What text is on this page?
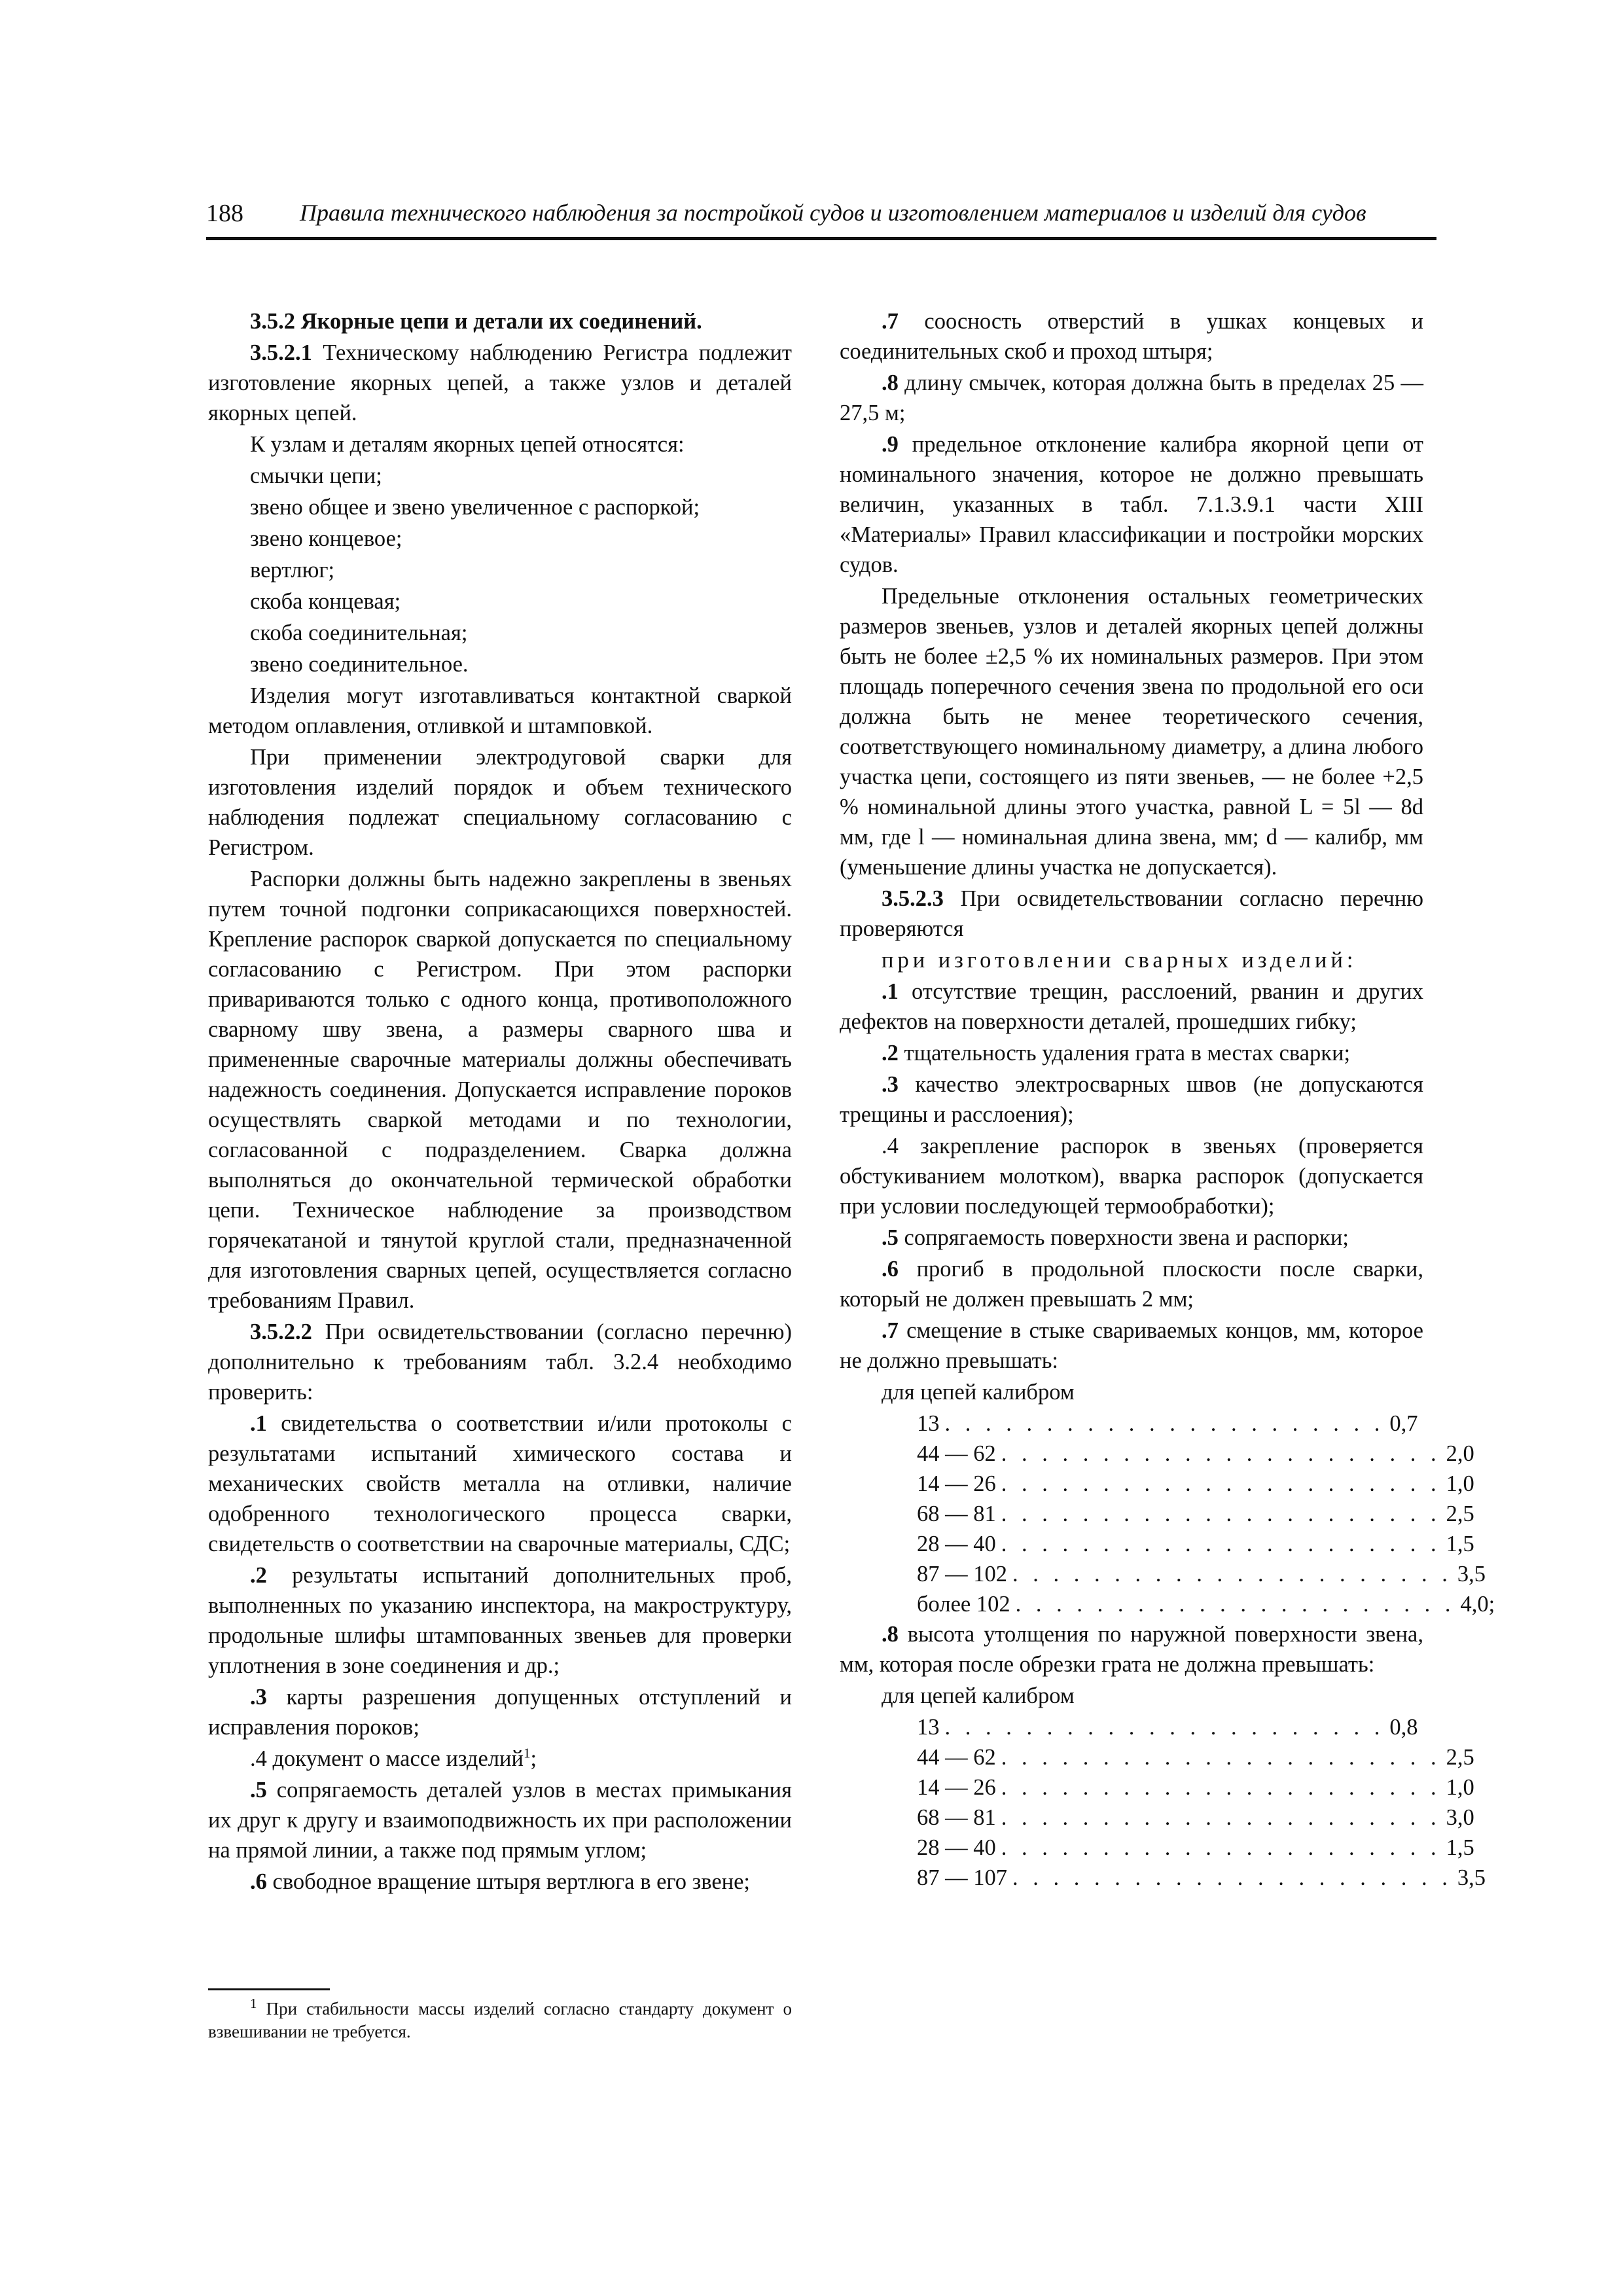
188 Правила технического наблюдения за постройкой судов и изготовлением материалов и изделий для судов

3.5.2 Якорные цепи и детали их соединений.

3.5.2.1 Техническому наблюдению Регистра подлежит изготовление якорных цепей, а также узлов и деталей якорных цепей.

К узлам и деталям якорных цепей относятся:

смычки цепи;

звено общее и звено увеличенное с распоркой;

звено концевое;

вертлюг;

скоба концевая;

скоба соединительная;

звено соединительное.

Изделия могут изготавливаться контактной сваркой методом оплавления, отливкой и штамповкой.

При применении электродуговой сварки для изготовления изделий порядок и объем технического наблюдения подлежат специальному согласованию с Регистром.

Распорки должны быть надежно закреплены в звеньях путем точной подгонки соприкасающихся поверхностей. Крепление распорок сваркой допускается по специальному согласованию с Регистром. При этом распорки привариваются только с одного конца, противоположного сварному шву звена, а размеры сварного шва и примененные сварочные материалы должны обеспечивать надежность соединения. Допускается исправление пороков осуществлять сваркой методами и по технологии, согласованной с подразделением. Сварка должна выполняться до окончательной термической обработки цепи. Техническое наблюдение за производством горячекатаной и тянутой круглой стали, предназначенной для изготовления сварных цепей, осуществляется согласно требованиям Правил.

3.5.2.2 При освидетельствовании (согласно перечню) дополнительно к требованиям табл. 3.2.4 необходимо проверить:

.1 свидетельства о соответствии и/или протоколы с результатами испытаний химического состава и механических свойств металла на отливки, наличие одобренного технологического процесса сварки, свидетельств о соответствии на сварочные материалы, СДС;

.2 результаты испытаний дополнительных проб, выполненных по указанию инспектора, на макроструктуру, продольные шлифы штампованных звеньев для проверки уплотнения в зоне соединения и др.;

.3 карты разрешения допущенных отступлений и исправления пороков;

.4 документ о массе изделий$^1$;

.5 сопрягаемость деталей узлов в местах примыкания их друг к другу и взаимоподвижность их при расположении на прямой линии, а также под прямым углом;

.6 свободное вращение штыря вертлюга в его звене;

$^1$ При стабильности массы изделий согласно стандарту документ о взвешивании не требуется.

.7 соосность отверстий в ушках концевых и соединительных скоб и проход штыря;

.8 длину смычек, которая должна быть в пределах 25 — 27,5 м;

.9 предельное отклонение калибра якорной цепи от номинального значения, которое не должно превышать величин, указанных в табл. 7.1.3.9.1 части XIII «Материалы» Правил классификации и постройки морских судов.

Предельные отклонения остальных геометрических размеров звеньев, узлов и деталей якорных цепей должны быть не более ±2,5 % их номинальных размеров. При этом площадь поперечного сечения звена по продольной его оси должна быть не менее теоретического сечения, соответствующего номинальному диаметру, а длина любого участка цепи, состоящего из пяти звеньев, — не более +2,5 % номинальной длины этого участка, равной L = 5l — 8d мм, где l — номинальная длина звена, мм; d — калибр, мм (уменьшение длины участка не допускается).

3.5.2.3 При освидетельствовании согласно перечню проверяются

при изготовлении сварных изделий:

.1 отсутствие трещин, расслоений, рванин и других дефектов на поверхности деталей, прошедших гибку;

.2 тщательность удаления грата в местах сварки;

.3 качество электросварных швов (не допускаются трещины и расслоения);

.4 закрепление распорок в звеньях (проверяется обстукиванием молотком), вварка распорок (допускается при условии последующей термообработки);

.5 сопрягаемость поверхности звена и распорки;

.6 прогиб в продольной плоскости после сварки, который не должен превышать 2 мм;

.7 смещение в стыке свариваемых концов, мм, которое не должно превышать:

для цепей калибром

13 . . . . . . . . . . . . . . . . . . . . . . 0,7
44 — 62 . . . . . . . . . . . . . . . . . . . . . . 2,0
14 — 26 . . . . . . . . . . . . . . . . . . . . . . 1,0
68 — 81 . . . . . . . . . . . . . . . . . . . . . . 2,5
28 — 40 . . . . . . . . . . . . . . . . . . . . . . 1,5
87 — 102 . . . . . . . . . . . . . . . . . . . . . . 3,5
более 102 . . . . . . . . . . . . . . . . . . . . . . 4,0;

.8 высота утолщения по наружной поверхности звена, мм, которая после обрезки грата не должна превышать:

для цепей калибром

13 . . . . . . . . . . . . . . . . . . . . . . 0,8
44 — 62 . . . . . . . . . . . . . . . . . . . . . . 2,5
14 — 26 . . . . . . . . . . . . . . . . . . . . . . 1,0
68 — 81 . . . . . . . . . . . . . . . . . . . . . . 3,0
28 — 40 . . . . . . . . . . . . . . . . . . . . . . 1,5
87 — 107 . . . . . . . . . . . . . . . . . . . . . . 3,5
